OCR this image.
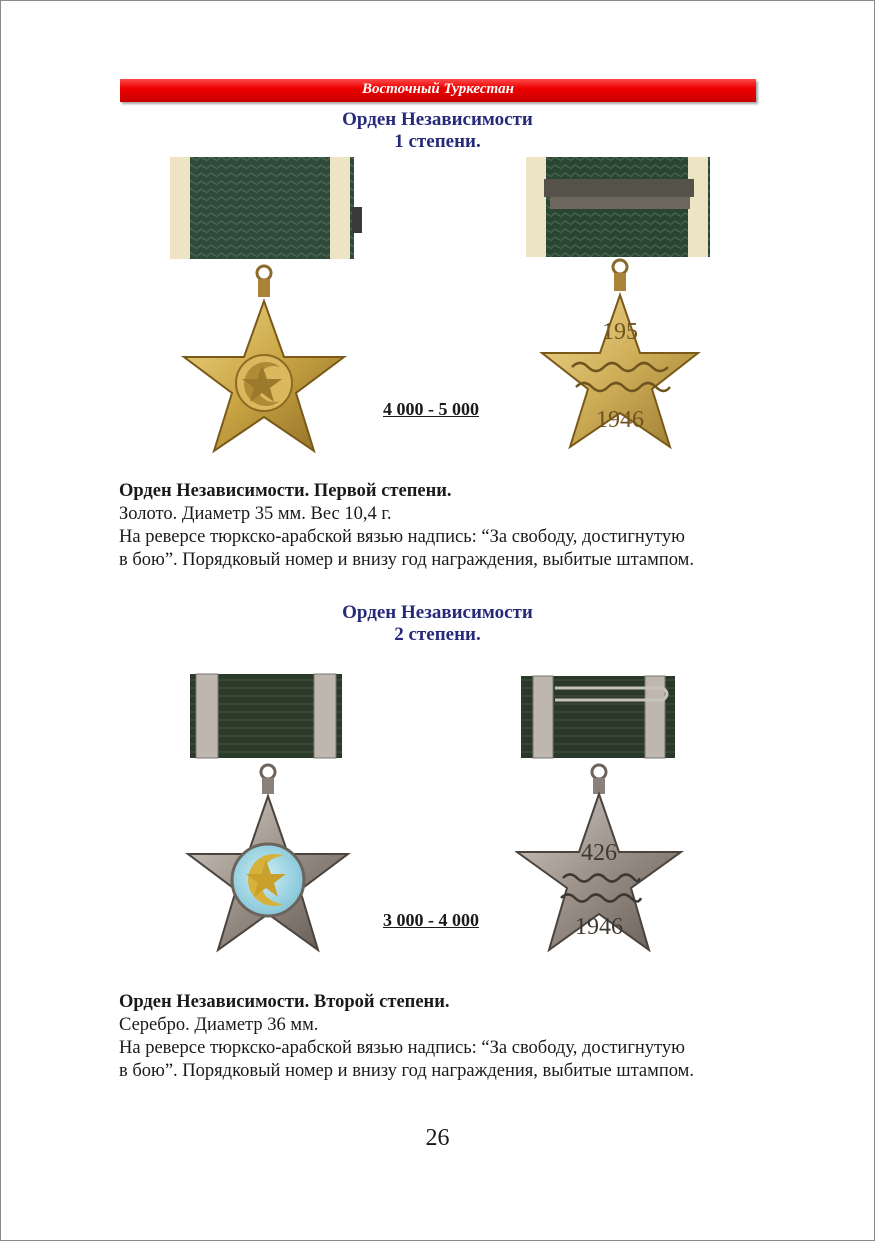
Восточный Туркестан
Орден Независимости
1 степени.
4 000 - 5 000
195
1946
Орден Независимости. Первой степени.
Золото. Диаметр 35 мм. Вес 10,4 г.
На реверсе тюркско-арабской вязью надпись: “За свободу, достигнутую
в бою”. Порядковый номер и внизу год награждения, выбитые штампом.
Орден Независимости
2 степени.
3 000 - 4 000
426
1946
Орден Независимости. Второй степени.
Серебро. Диаметр 36 мм.
На реверсе тюркско-арабской вязью надпись: “За свободу, достигнутую
в бою”. Порядковый номер и внизу год награждения, выбитые штампом.
26
